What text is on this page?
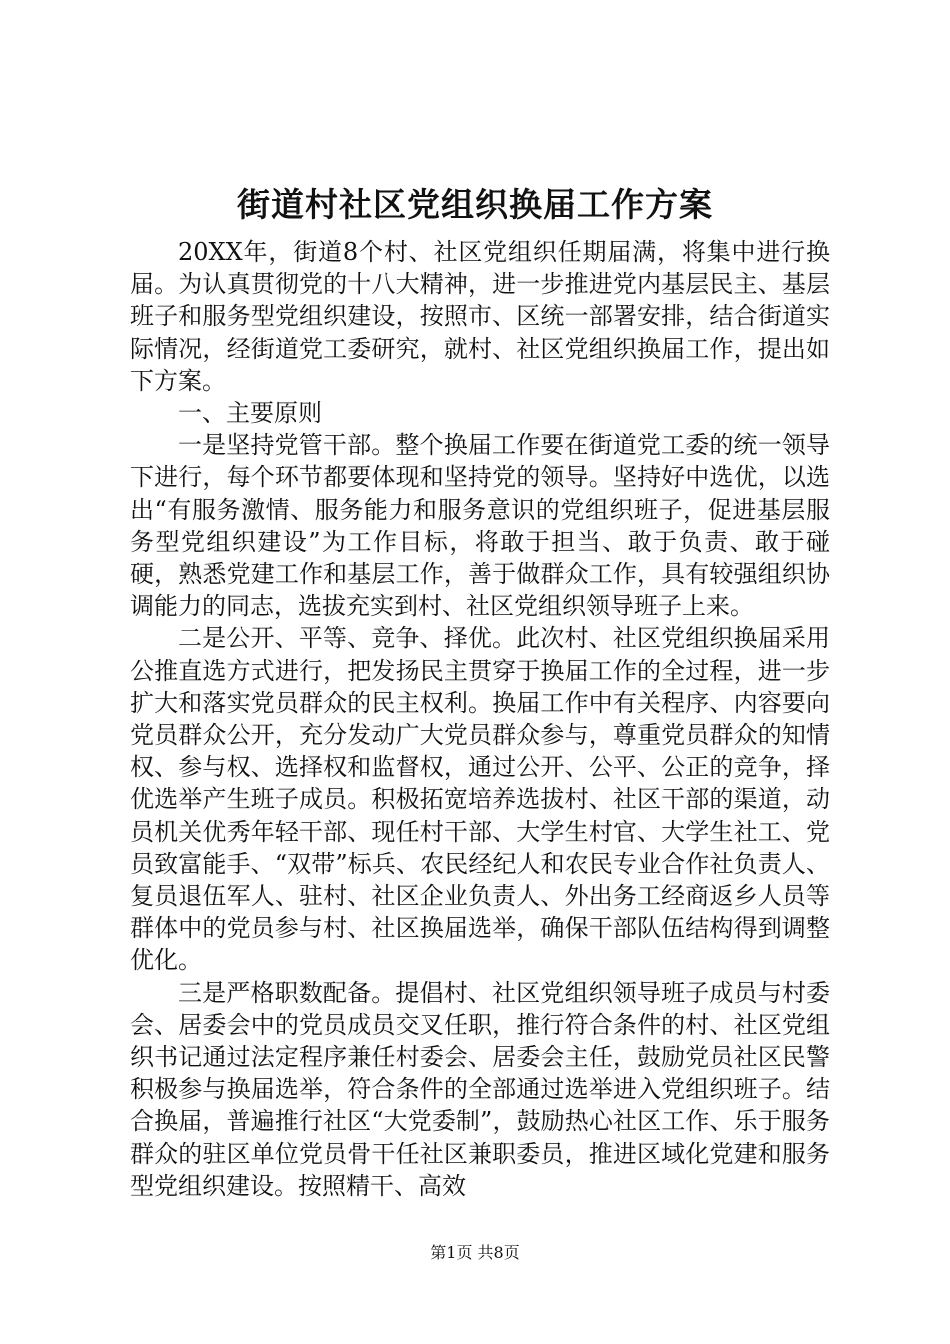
街道村社区党组织换届工作方案

20XX年，街道8个村、社区党组织任期届满，将集中进行换届。为认真贯彻党的十八大精神，进一步推进党内基层民主、基层班子和服务型党组织建设，按照市、区统一部署安排，结合街道实际情况，经街道党工委研究，就村、社区党组织换届工作，提出如下方案。

一、主要原则

一是坚持党管干部。整个换届工作要在街道党工委的统一领导下进行，每个环节都要体现和坚持党的领导。坚持好中选优，以选出“有服务激情、服务能力和服务意识的党组织班子，促进基层服务型党组织建设”为工作目标，将敢于担当、敢于负责、敢于碰硬，熟悉党建工作和基层工作，善于做群众工作，具有较强组织协调能力的同志，选拔充实到村、社区党组织领导班子上来。

二是公开、平等、竞争、择优。此次村、社区党组织换届采用公推直选方式进行，把发扬民主贯穿于换届工作的全过程，进一步扩大和落实党员群众的民主权利。换届工作中有关程序、内容要向党员群众公开，充分发动广大党员群众参与，尊重党员群众的知情权、参与权、选择权和监督权，通过公开、公平、公正的竞争，择优选举产生班子成员。积极拓宽培养选拔村、社区干部的渠道，动员机关优秀年轻干部、现任村干部、大学生村官、大学生社工、党员致富能手、“双带”标兵、农民经纪人和农民专业合作社负责人、复员退伍军人、驻村、社区企业负责人、外出务工经商返乡人员等群体中的党员参与村、社区换届选举，确保干部队伍结构得到调整优化。

三是严格职数配备。提倡村、社区党组织领导班子成员与村委会、居委会中的党员成员交叉任职，推行符合条件的村、社区党组织书记通过法定程序兼任村委会、居委会主任，鼓励党员社区民警积极参与换届选举，符合条件的全部通过选举进入党组织班子。结合换届，普遍推行社区“大党委制”，鼓励热心社区工作、乐于服务群众的驻区单位党员骨干任社区兼职委员，推进区域化党建和服务型党组织建设。按照精干、高效

第1页 共8页
